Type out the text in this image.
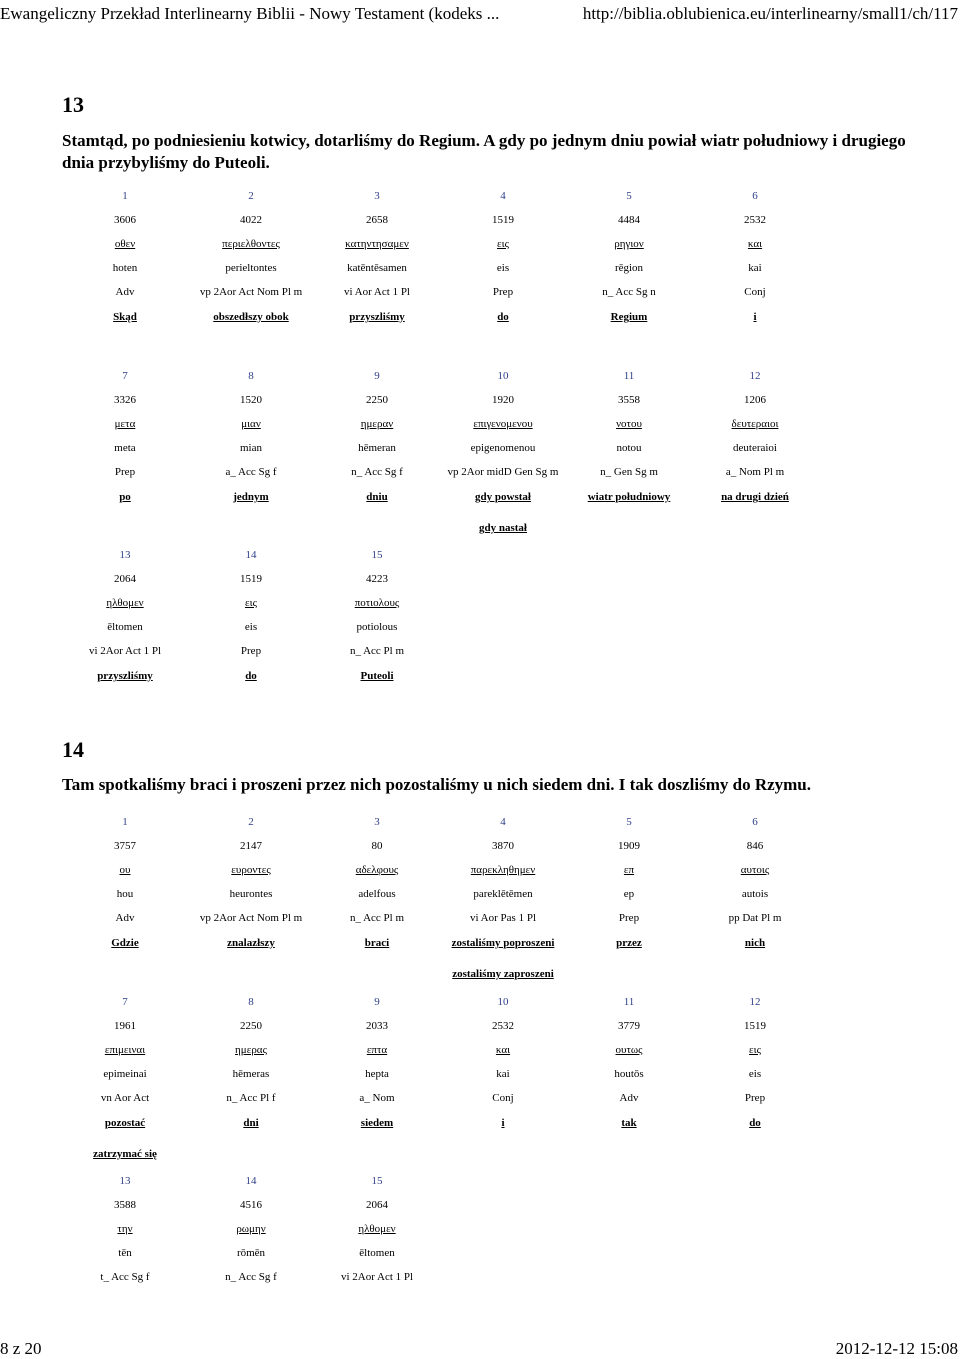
Ewangeliczny Przekład Interlinearny Biblii - Nowy Testament (kodeks ...	http://biblia.oblubienica.eu/interlinearny/small1/ch/117
13
Stamtąd, po podniesieniu kotwicy, dotarliśmy do Regium. A gdy po jednym dniu powiał wiatr południowy i drugiego dnia przybyliśmy do Puteoli.
1	2	3	4	5	6
3606	4022	2658	1519	4484	2532
οθεν	περιελθοντες	κατηντησαμεν	εις	ρηγιον	και
hoten	perieltontes	katēntēsamen	eis	rēgion	kai
Adv	vp 2Aor Act Nom Pl m	vi Aor Act 1 Pl	Prep	n_ Acc Sg n	Conj
Skąd	obszedłszy obok	przyszliśmy	do	Regium	i
7	8	9	10	11	12
3326	1520	2250	1920	3558	1206
μετα	μιαν	ημεραν	επιγενομενου	νοτου	δευτεραιοι
meta	mian	hēmeran	epigenomenou	notou	deuteraioi
Prep	a_ Acc Sg f	n_ Acc Sg f	vp 2Aor midD Gen Sg m	n_ Gen Sg m	a_ Nom Pl m
po	jednym	dniu	gdy powstał	wiatr południowy	na drugi dzień
gdy nastał
13	14	15
2064	1519	4223
ηλθομεν	εις	ποτιολους
ēltomen	eis	potiolous
vi 2Aor Act 1 Pl	Prep	n_ Acc Pl m
przyszliśmy	do	Puteoli
14
Tam spotkaliśmy braci i proszeni przez nich pozostaliśmy u nich siedem dni. I tak doszliśmy do Rzymu.
1	2	3	4	5	6
3757	2147	80	3870	1909	846
ου	ευροντες	αδελφους	παρεκληθημεν	επ	αυτοις
hou	heurontes	adelfous	pareklētēmen	ep	autois
Adv	vp 2Aor Act Nom Pl m	n_ Acc Pl m	vi Aor Pas 1 Pl	Prep	pp Dat Pl m
Gdzie	znalazłszy	braci	zostaliśmy poproszeni	przez	nich
zostaliśmy zaproszeni
7	8	9	10	11	12
1961	2250	2033	2532	3779	1519
επιμειναι	ημερας	επτα	και	ουτως	εις
epimeinai	hēmeras	hepta	kai	houtōs	eis
vn Aor Act	n_ Acc Pl f	a_ Nom	Conj	Adv	Prep
pozostać	dni	siedem	i	tak	do
zatrzymać się
13	14	15
3588	4516	2064
την	ρωμην	ηλθομεν
tēn	rōmēn	ēltomen
t_ Acc Sg f	n_ Acc Sg f	vi 2Aor Act 1 Pl
8 z 20	2012-12-12 15:08
